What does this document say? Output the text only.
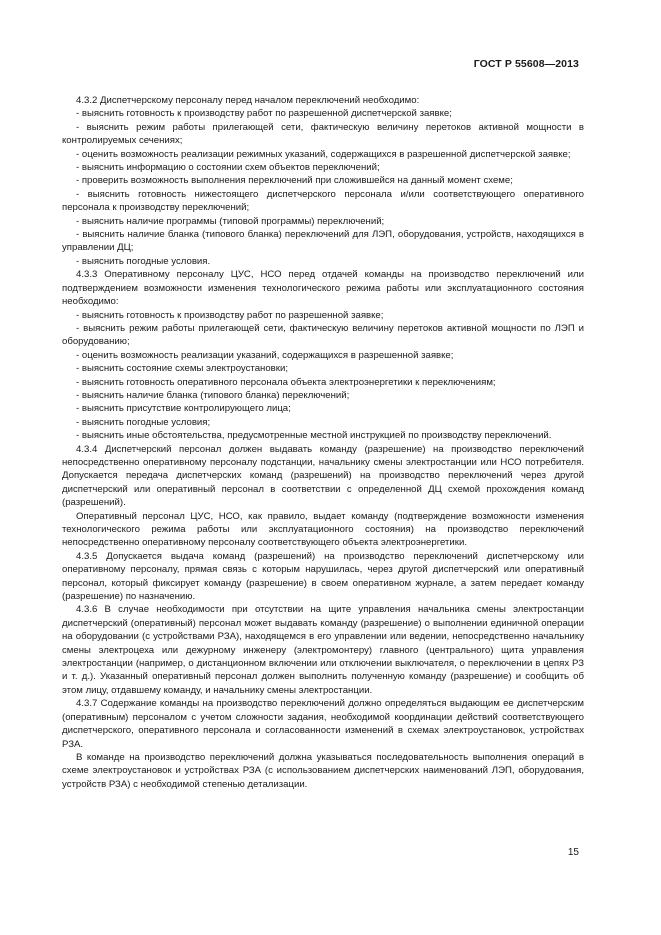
ГОСТ Р 55608—2013

4.3.2 Диспетчерскому персоналу перед началом переключений необходимо:

- выяснить готовность к производству работ по разрешенной диспетчерской заявке;

- выяснить режим работы прилегающей сети, фактическую величину перетоков активной мощности в контролируемых сечениях;

- оценить возможность реализации режимных указаний, содержащихся в разрешенной диспетчерской заявке;

- выяснить информацию о состоянии схем объектов переключений;

- проверить возможность выполнения переключений при сложившейся на данный момент схеме;

- выяснить готовность нижестоящего диспетчерского персонала и/или соответствующего оперативного персонала к производству переключений;

- выяснить наличие программы (типовой программы) переключений;

- выяснить наличие бланка (типового бланка) переключений для ЛЭП, оборудования, устройств, находящихся в управлении ДЦ;

- выяснить погодные условия.

4.3.3 Оперативному персоналу ЦУС, НСО перед отдачей команды на производство переключений или подтверждением возможности изменения технологического режима работы или эксплуатационного состояния необходимо:

- выяснить готовность к производству работ по разрешенной заявке;

- выяснить режим работы прилегающей сети, фактическую величину перетоков активной мощности по ЛЭП и оборудованию;

- оценить возможность реализации указаний, содержащихся в разрешенной заявке;

- выяснить состояние схемы электроустановки;

- выяснить готовность оперативного персонала объекта электроэнергетики к переключениям;

- выяснить наличие бланка (типового бланка) переключений;

- выяснить присутствие контролирующего лица;

- выяснить погодные условия;

- выяснить иные обстоятельства, предусмотренные местной инструкцией по производству переключений.

4.3.4 Диспетчерский персонал должен выдавать команду (разрешение) на производство переключений непосредственно оперативному персоналу подстанции, начальнику смены электростанции или НСО потребителя. Допускается передача диспетчерских команд (разрешений) на производство переключений через другой диспетчерский или оперативный персонал в соответствии с определенной ДЦ схемой прохождения команд (разрешений).

Оперативный персонал ЦУС, НСО, как правило, выдает команду (подтверждение возможности изменения технологического режима работы или эксплуатационного состояния) на производство переключений непосредственно оперативному персоналу соответствующего объекта электроэнергетики.

4.3.5 Допускается выдача команд (разрешений) на производство переключений диспетчерскому или оперативному персоналу, прямая связь с которым нарушилась, через другой диспетчерский или оперативный персонал, который фиксирует команду (разрешение) в своем оперативном журнале, а затем передает команду (разрешение) по назначению.

4.3.6 В случае необходимости при отсутствии на щите управления начальника смены электростанции диспетчерский (оперативный) персонал может выдавать команду (разрешение) о выполнении единичной операции на оборудовании (с устройствами РЗА), находящемся в его управлении или ведении, непосредственно начальнику смены электроцеха или дежурному инженеру (электромонтеру) главного (центрального) щита управления электростанции (например, о дистанционном включении или отключении выключателя, о переключении в цепях РЗ и т. д.). Указанный оперативный персонал должен выполнить полученную команду (разрешение) и сообщить об этом лицу, отдавшему команду, и начальнику смены электростанции.

4.3.7 Содержание команды на производство переключений должно определяться выдающим ее диспетчерским (оперативным) персоналом с учетом сложности задания, необходимой координации действий соответствующего диспетчерского, оперативного персонала и согласованности изменений в схемах электроустановок, устройствах РЗА.

В команде на производство переключений должна указываться последовательность выполнения операций в схеме электроустановок и устройствах РЗА (с использованием диспетчерских наименований ЛЭП, оборудования, устройств РЗА) с необходимой степенью детализации.

15
